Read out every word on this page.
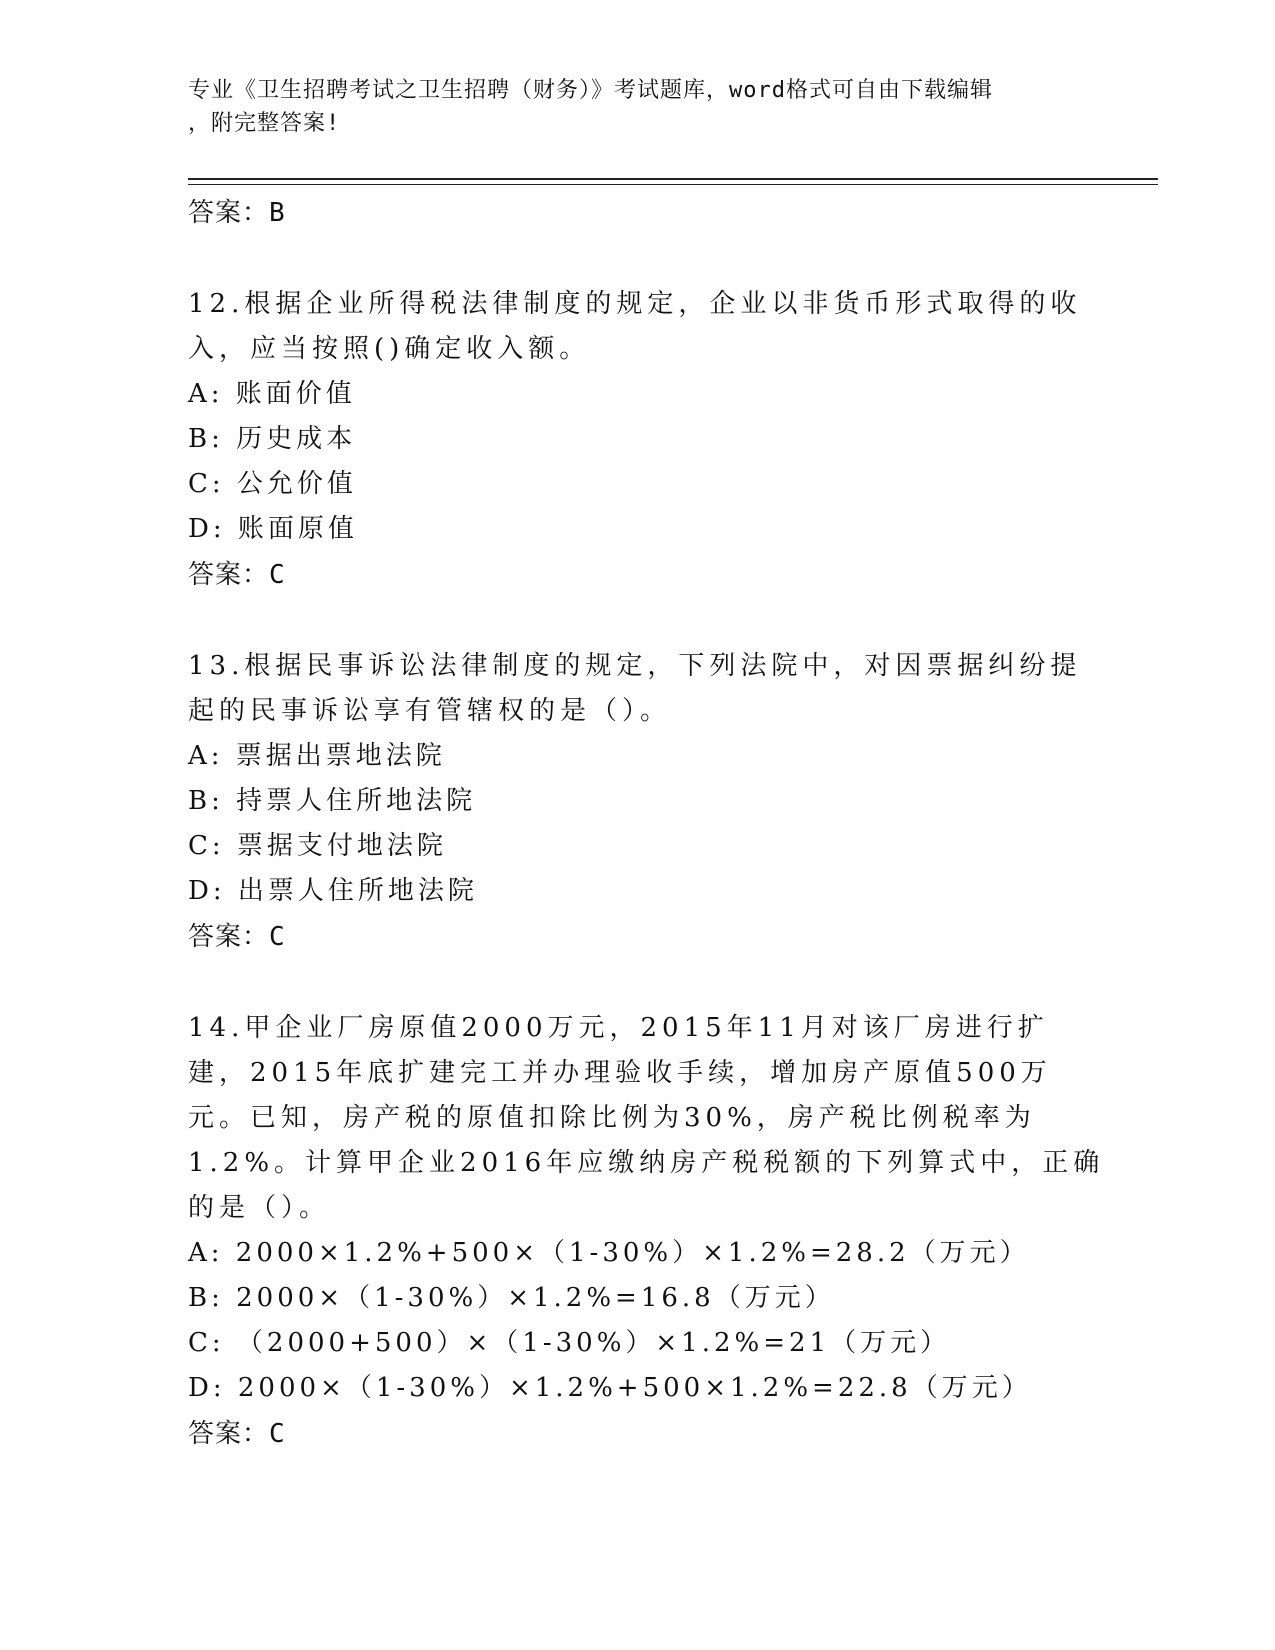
专业《卫生招聘考试之卫生招聘（财务）》考试题库，word格式可自由下载编辑
，附完整答案!
答案：B
12.根据企业所得税法律制度的规定，企业以非货币形式取得的收入，应当按照()确定收入额。
A: 账面价值
B: 历史成本
C: 公允价值
D: 账面原值
答案：C
13.根据民事诉讼法律制度的规定，下列法院中，对因票据纠纷提起的民事诉讼享有管辖权的是（）。
A: 票据出票地法院
B: 持票人住所地法院
C: 票据支付地法院
D: 出票人住所地法院
答案：C
14.甲企业厂房原值2000万元，2015年11月对该厂房进行扩建，2015年底扩建完工并办理验收手续，增加房产原值500万元。已知，房产税的原值扣除比例为30%，房产税比例税率为1.2%。计算甲企业2016年应缴纳房产税税额的下列算式中，正确的是（）。
A: 2000×1.2%+500×（1-30%）×1.2%=28.2（万元）
B: 2000×（1-30%）×1.2%=16.8（万元）
C: （2000+500）×（1-30%）×1.2%=21（万元）
D: 2000×（1-30%）×1.2%+500×1.2%=22.8（万元）
答案：C
